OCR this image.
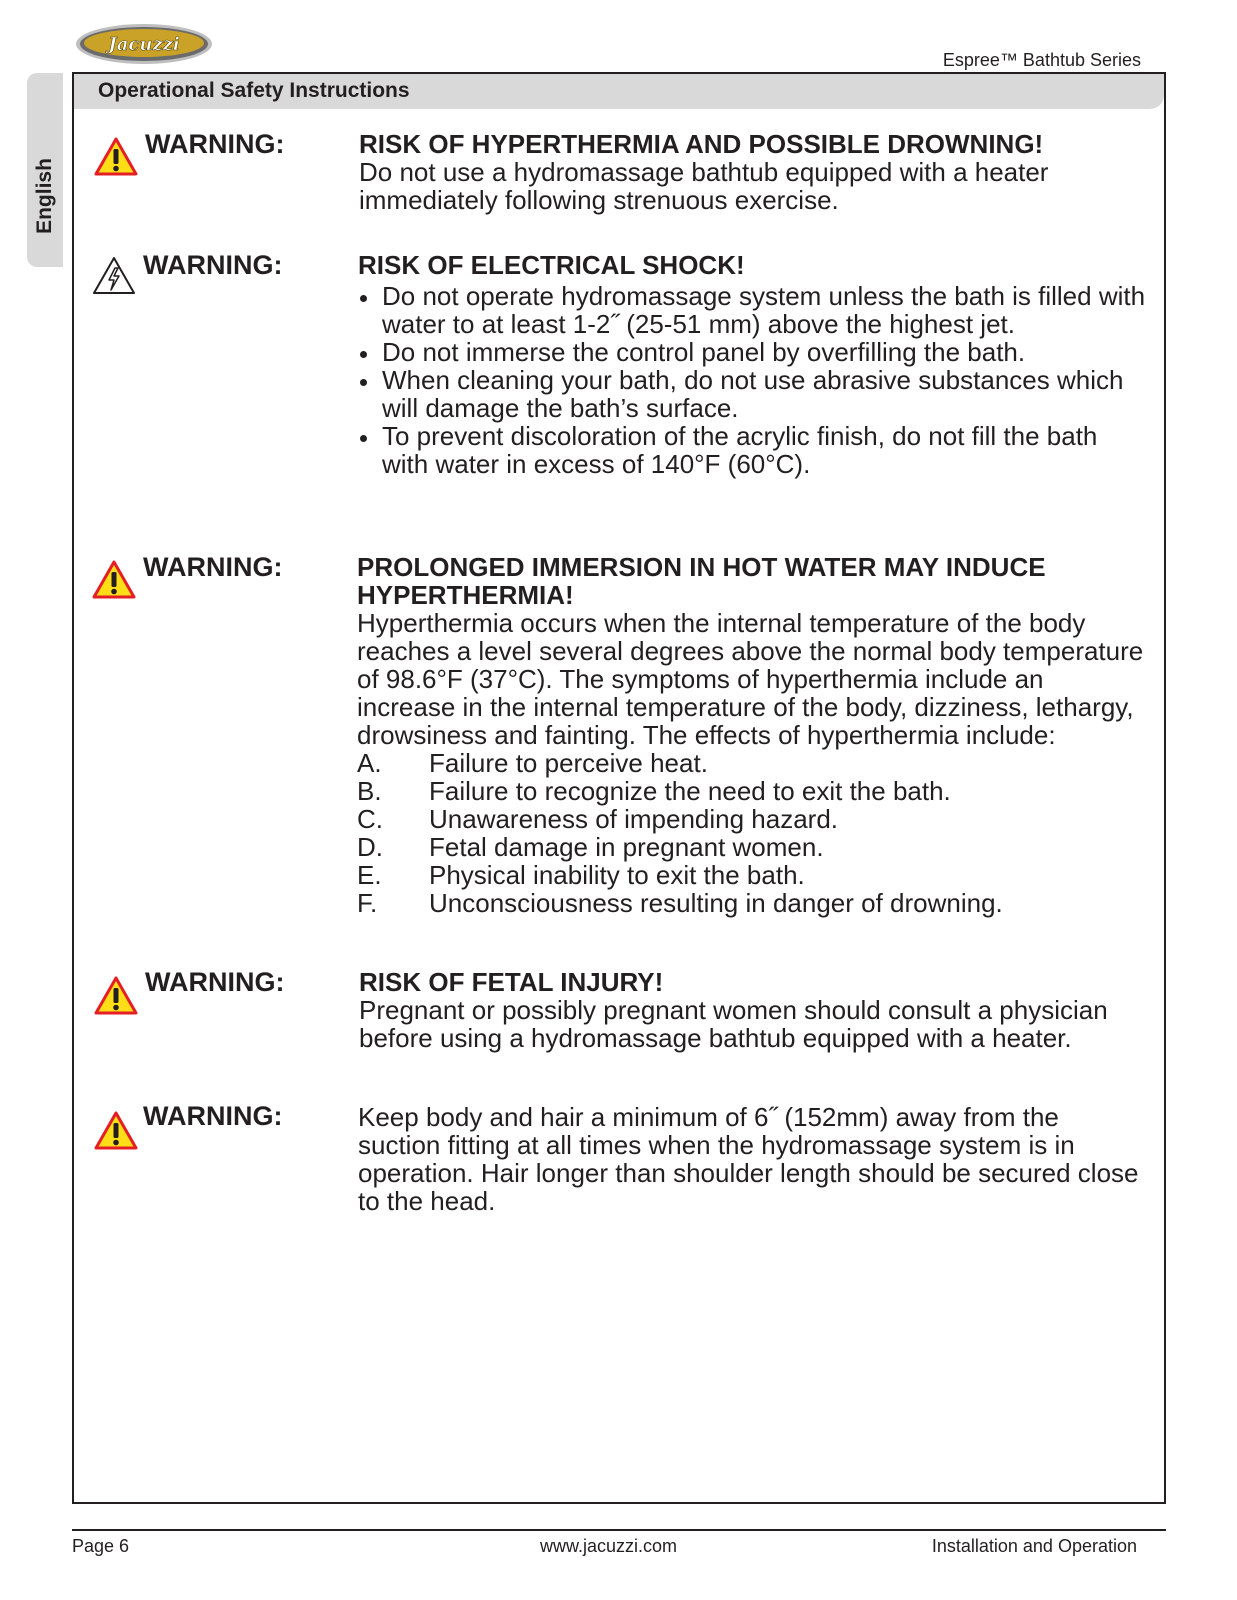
Jacuzzi
Espree™ Bathtub Series
English
Operational Safety Instructions
WARNING:	RISK OF HYPERTHERMIA AND POSSIBLE DROWNING!
Do not use a hydromassage bathtub equipped with a heater immediately following strenuous exercise.
WARNING:	RISK OF ELECTRICAL SHOCK!
Do not operate hydromassage system unless the bath is filled with water to at least 1-2˝ (25-51 mm) above the highest jet.
Do not immerse the control panel by overfilling the bath.
When cleaning your bath, do not use abrasive substances which will damage the bath’s surface.
To prevent discoloration of the acrylic finish, do not fill the bath with water in excess of 140°F (60°C).
WARNING:	PROLONGED IMMERSION IN HOT WATER MAY INDUCE HYPERTHERMIA!
Hyperthermia occurs when the internal temperature of the body reaches a level several degrees above the normal body temperature of 98.6°F (37°C). The symptoms of hyperthermia include an increase in the internal temperature of the body, dizziness, lethargy, drowsiness and fainting. The effects of hyperthermia include:
A.	Failure to perceive heat.
B.	Failure to recognize the need to exit the bath.
C.	Unawareness of impending hazard.
D.	Fetal damage in pregnant women.
E.	Physical inability to exit the bath.
F.	Unconsciousness resulting in danger of drowning.
WARNING:	RISK OF FETAL INJURY!
Pregnant or possibly pregnant women should consult a physician before using a hydromassage bathtub equipped with a heater.
WARNING:	Keep body and hair a minimum of 6˝ (152mm) away from the suction fitting at all times when the hydromassage system is in operation. Hair longer than shoulder length should be secured close to the head.
Page 6	www.jacuzzi.com	Installation and Operation
